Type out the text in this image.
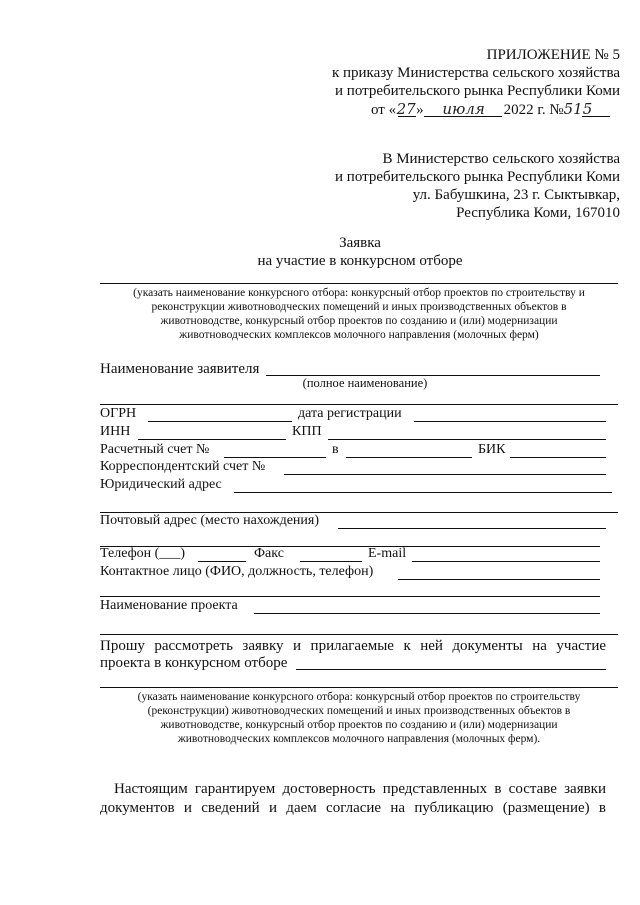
ПРИЛОЖЕНИЕ № 5
к приказу Министерства сельского хозяйства
и потребительского рынка Республики Коми
от «27» июля 2022 г. №515
В Министерство сельского хозяйства
и потребительского рынка Республики Коми
ул. Бабушкина, 23 г. Сыктывкар,
Республика Коми, 167010
Заявка
на участие в конкурсном отборе
(указать наименование конкурсного отбора: конкурсный отбор проектов по строительству и
реконструкции животноводческих помещений и иных производственных объектов в
животноводстве, конкурсный отбор проектов по созданию и (или) модернизации
животноводческих комплексов молочного направления (молочных ферм)
Наименование заявителя
(полное наименование)
ОГРН	дата регистрации
ИНН	КПП
Расчетный счет №	в	БИК
Корреспондентский счет №
Юридический адрес
Почтовый адрес (место нахождения)
Телефон (___)	Факс	E-mail
Контактное лицо (ФИО, должность, телефон)
Наименование проекта
Прошу рассмотреть заявку и прилагаемые к ней документы на участие
проекта в конкурсном отборе
(указать наименование конкурсного отбора: конкурсный отбор проектов по строительству
(реконструкции) животноводческих помещений и иных производственных объектов в
животноводстве, конкурсный отбор проектов по созданию и (или) модернизации
животноводческих комплексов молочного направления (молочных ферм).
Настоящим гарантируем достоверность представленных в составе заявки
документов и сведений и даем согласие на публикацию (размещение) в
